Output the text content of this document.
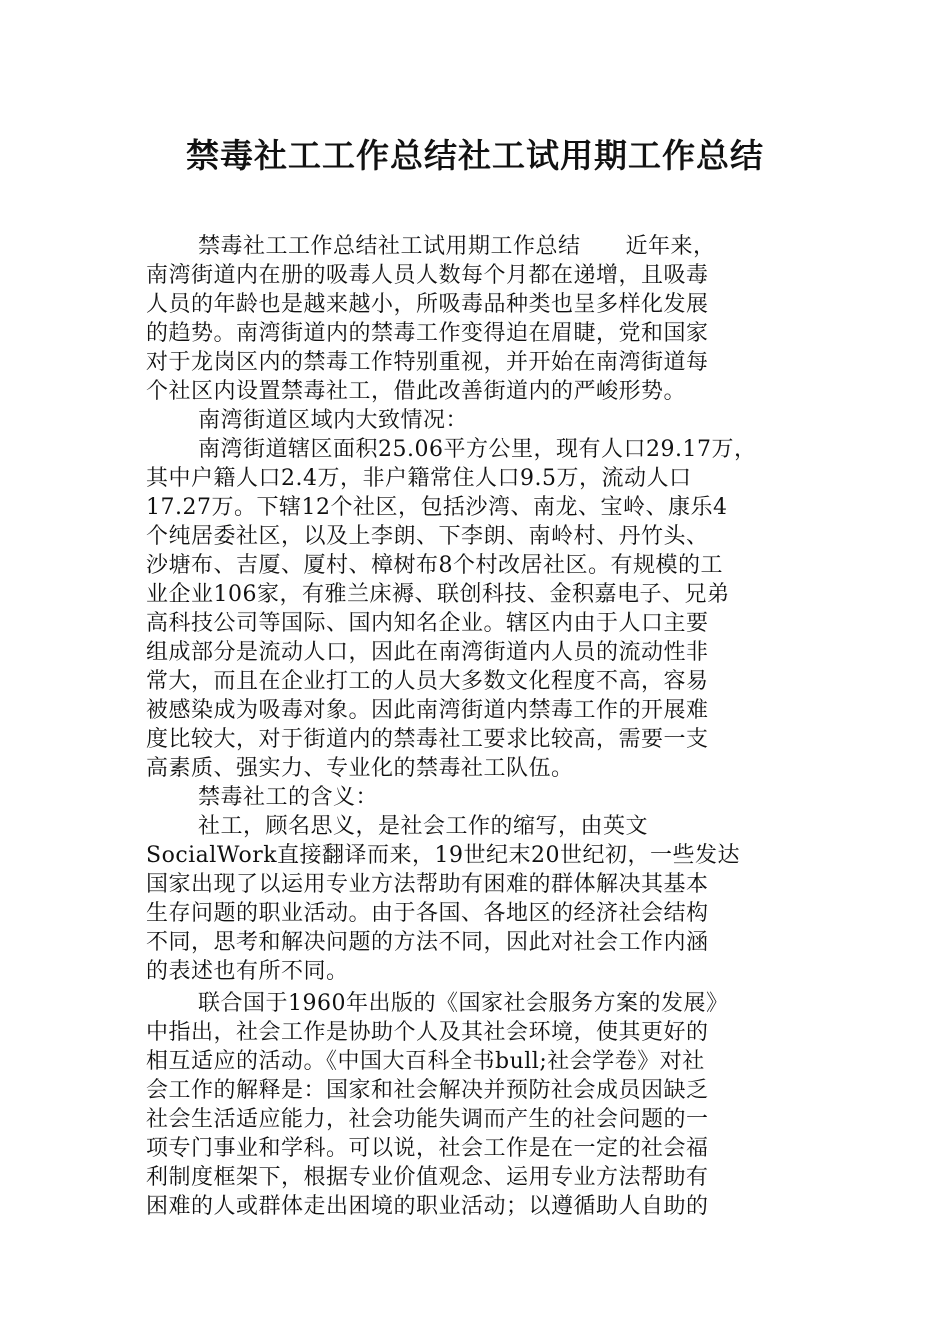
禁毒社工工作总结社工试用期工作总结

禁毒社工工作总结社工试用期工作总结　　近年来，

南湾街道内在册的吸毒人员人数每个月都在递增，且吸毒

人员的年龄也是越来越小，所吸毒品种类也呈多样化发展

的趋势。南湾街道内的禁毒工作变得迫在眉睫，党和国家

对于龙岗区内的禁毒工作特别重视，并开始在南湾街道每

个社区内设置禁毒社工，借此改善街道内的严峻形势。

南湾街道区域内大致情况：

南湾街道辖区面积25.06平方公里，现有人口29.17万，

其中户籍人口2.4万，非户籍常住人口9.5万，流动人口

17.27万。下辖12个社区，包括沙湾、南龙、宝岭、康乐4

个纯居委社区，以及上李朗、下李朗、南岭村、丹竹头、

沙塘布、吉厦、厦村、樟树布8个村改居社区。有规模的工

业企业106家，有雅兰床褥、联创科技、金积嘉电子、兄弟

高科技公司等国际、国内知名企业。辖区内由于人口主要

组成部分是流动人口，因此在南湾街道内人员的流动性非

常大，而且在企业打工的人员大多数文化程度不高，容易

被感染成为吸毒对象。因此南湾街道内禁毒工作的开展难

度比较大，对于街道内的禁毒社工要求比较高，需要一支

高素质、强实力、专业化的禁毒社工队伍。

禁毒社工的含义：

社工，顾名思义，是社会工作的缩写，由英文

SocialWork直接翻译而来，19世纪末20世纪初，一些发达

国家出现了以运用专业方法帮助有困难的群体解决其基本

生存问题的职业活动。由于各国、各地区的经济社会结构

不同，思考和解决问题的方法不同，因此对社会工作内涵

的表述也有所不同。

联合国于1960年出版的《国家社会服务方案的发展》

中指出，社会工作是协助个人及其社会环境，使其更好的

相互适应的活动。《中国大百科全书bull;社会学卷》对社

会工作的解释是：国家和社会解决并预防社会成员因缺乏

社会生活适应能力，社会功能失调而产生的社会问题的一

项专门事业和学科。可以说，社会工作是在一定的社会福

利制度框架下，根据专业价值观念、运用专业方法帮助有

困难的人或群体走出困境的职业活动；以遵循助人自助的
